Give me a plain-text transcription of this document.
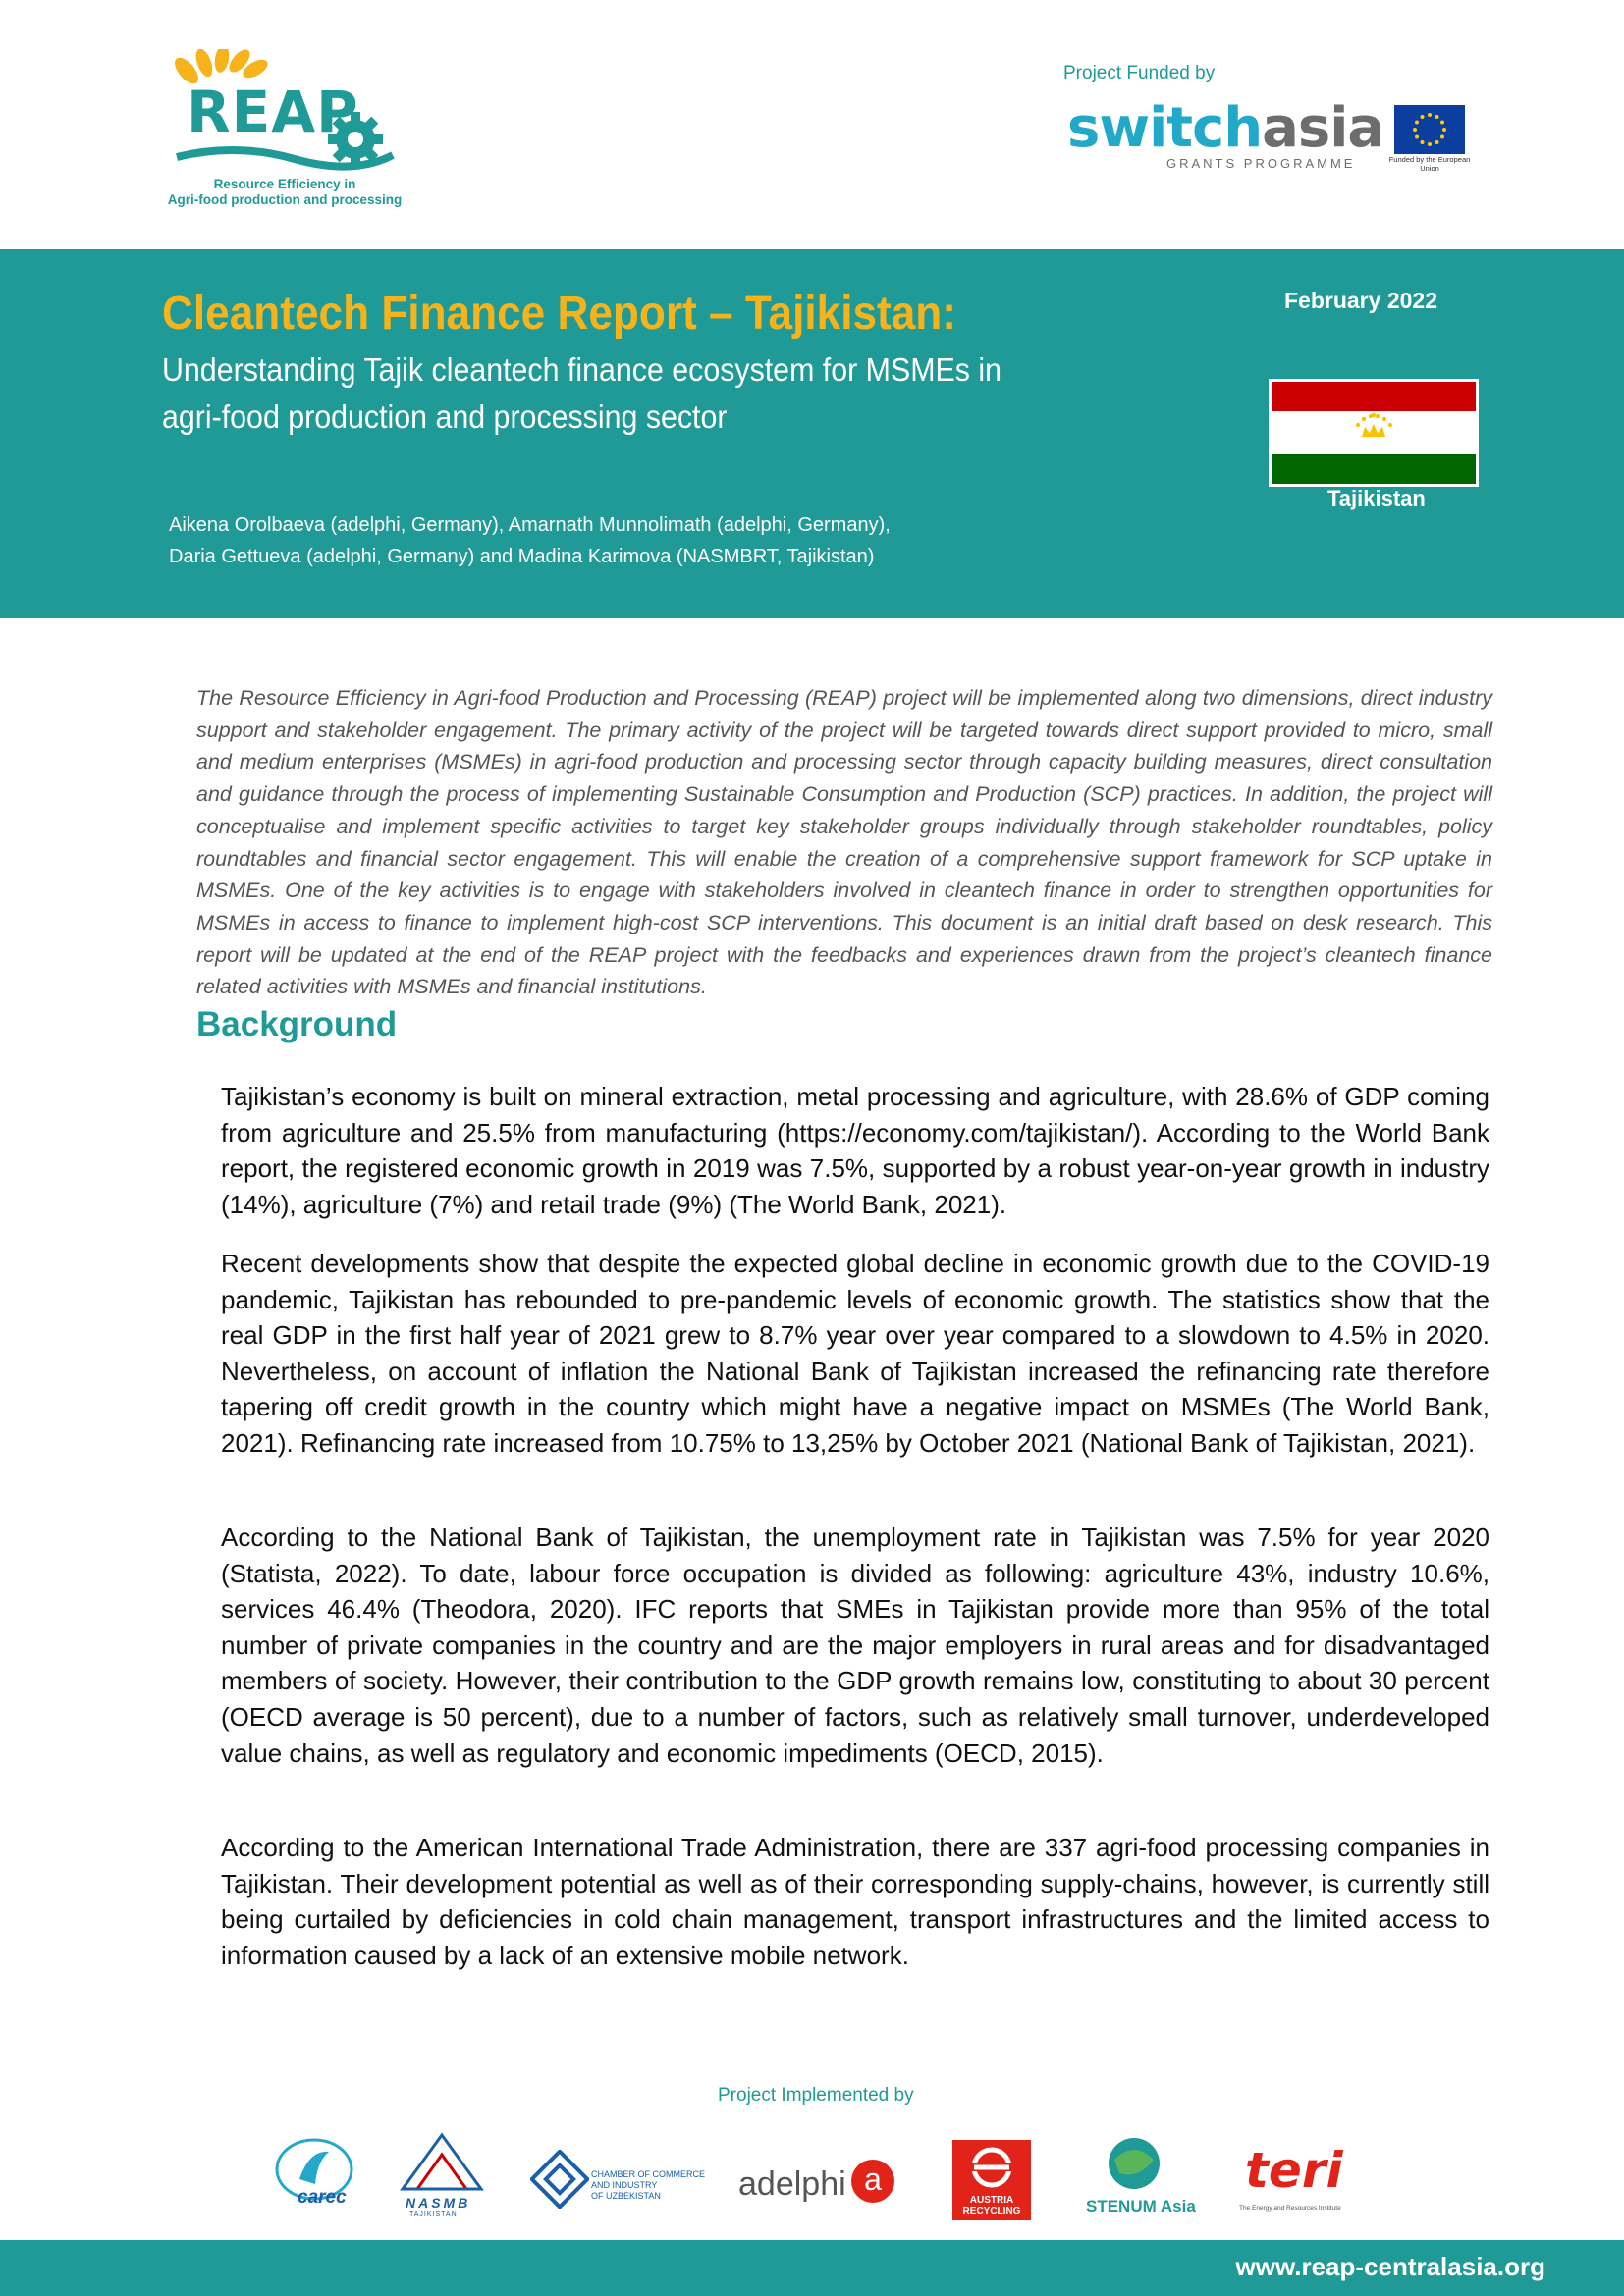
REAP
Resource Efficiency in
Agri-food production and processing
Project Funded by
switchasia
GRANTS PROGRAMME	Funded by the European Union
Cleantech Finance Report – Tajikistan:
Understanding Tajik cleantech finance ecosystem for MSMEs in
agri-food production and processing sector
Aikena Orolbaeva (adelphi, Germany), Amarnath Munnolimath (adelphi, Germany),
Daria Gettueva (adelphi, Germany) and Madina Karimova (NASMBRT, Tajikistan)
February 2022
Tajikistan
The Resource Efficiency in Agri-food Production and Processing (REAP) project will be implemented along two dimensions, direct industry support and stakeholder engagement. The primary activity of the project will be targeted towards direct support provided to micro, small and medium enterprises (MSMEs) in agri-food production and processing sector through capacity building measures, direct consultation and guidance through the process of implementing Sustainable Consumption and Production (SCP) practices. In addition, the project will conceptualise and implement specific activities to target key stakeholder groups individually through stakeholder roundtables, policy roundtables and financial sector engagement. This will enable the creation of a comprehensive support framework for SCP uptake in MSMEs. One of the key activities is to engage with stakeholders involved in cleantech finance in order to strengthen opportunities for MSMEs in access to finance to implement high-cost SCP interventions. This document is an initial draft based on desk research. This report will be updated at the end of the REAP project with the feedbacks and experiences drawn from the project’s cleantech finance related activities with MSMEs and financial institutions.
Background
Tajikistan’s economy is built on mineral extraction, metal processing and agriculture, with 28.6% of GDP coming from agriculture and 25.5% from manufacturing (https://economy.com/tajikistan/). According to the World Bank report, the registered economic growth in 2019 was 7.5%, supported by a robust year-on-year growth in industry (14%), agriculture (7%) and retail trade (9%) (The World Bank, 2021).
Recent developments show that despite the expected global decline in economic growth due to the COVID-19 pandemic, Tajikistan has rebounded to pre-pandemic levels of economic growth. The statistics show that the real GDP in the first half year of 2021 grew to 8.7% year over year compared to a slowdown to 4.5% in 2020. Nevertheless, on account of inflation the National Bank of Tajikistan increased the refinancing rate therefore tapering off credit growth in the country which might have a negative impact on MSMEs (The World Bank, 2021). Refinancing rate increased from 10.75% to 13,25% by October 2021 (National Bank of Tajikistan, 2021).
According to the National Bank of Tajikistan, the unemployment rate in Tajikistan was 7.5% for year 2020 (Statista, 2022). To date, labour force occupation is divided as following: agriculture 43%, industry 10.6%, services 46.4% (Theodora, 2020). IFC reports that SMEs in Tajikistan provide more than 95% of the total number of private companies in the country and are the major employers in rural areas and for disadvantaged members of society. However, their contribution to the GDP growth remains low, constituting to about 30 percent (OECD average is 50 percent), due to a number of factors, such as relatively small turnover, underdeveloped value chains, as well as regulatory and economic impediments (OECD, 2015).
According to the American International Trade Administration, there are 337 agri-food processing companies in Tajikistan. Their development potential as well as of their corresponding supply-chains, however, is currently still being curtailed by deficiencies in cold chain management, transport infrastructures and the limited access to information caused by a lack of an extensive mobile network.
Project Implemented by
carec	NASMB
TAJIKISTAN
CHAMBER OF COMMERCE
AND INDUSTRY
OF UZBEKISTAN	adelphi a
AUSTRIA
RECYCLING	STENUM Asia
teri
The Energy and Resources Institute
www.reap-centralasia.org
